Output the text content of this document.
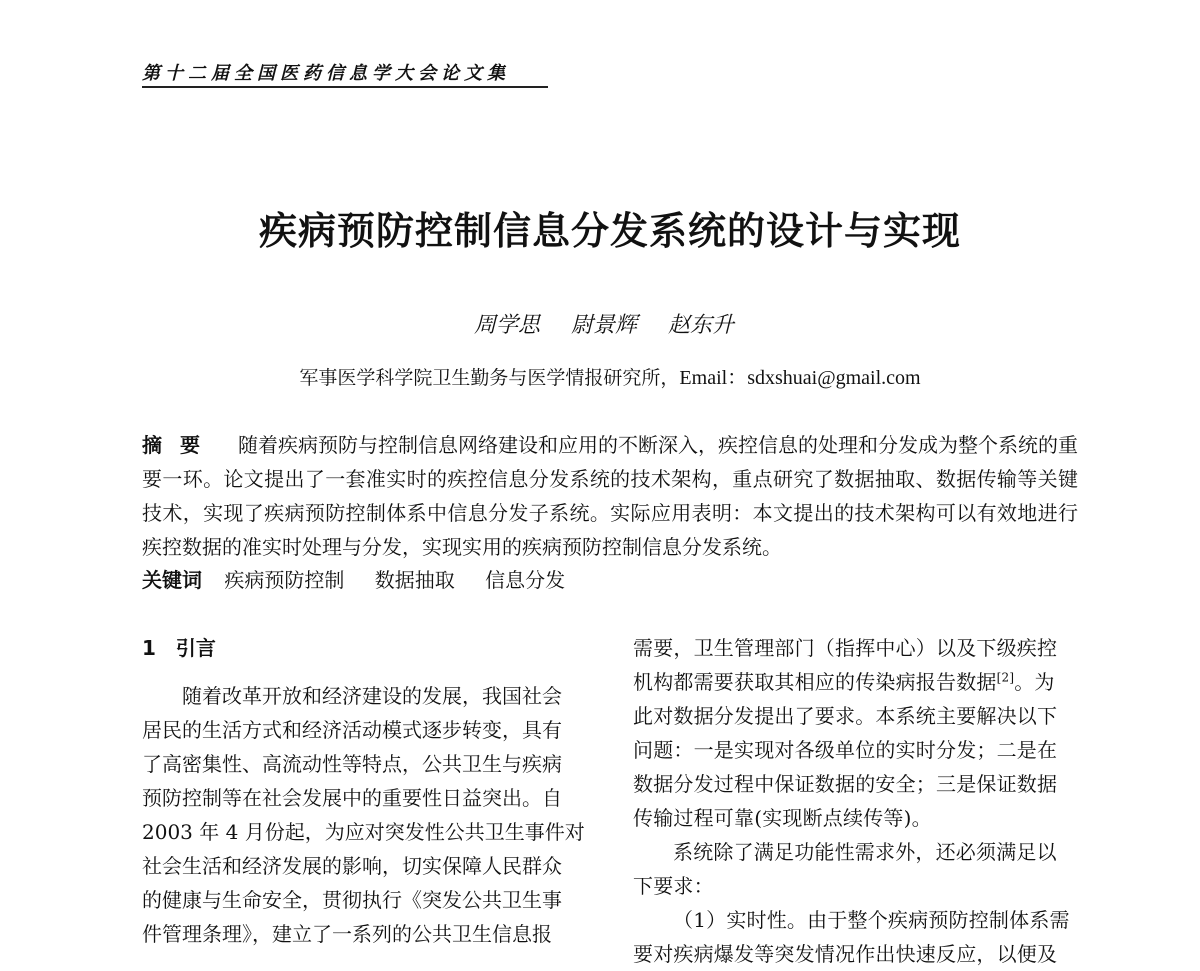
第十二届全国医药信息学大会论文集
疾病预防控制信息分发系统的设计与实现
周学思 尉景辉 赵东升
军事医学科学院卫生勤务与医学情报研究所，Email：sdxshuai@gmail.com
摘要 随着疾病预防与控制信息网络建设和应用的不断深入，疾控信息的处理和分发成为整个系统的重要一环。论文提出了一套准实时的疾控信息分发系统的技术架构，重点研究了数据抽取、数据传输等关键技术，实现了疾病预防控制体系中信息分发子系统。实际应用表明：本文提出的技术架构可以有效地进行疾控数据的准实时处理与分发，实现实用的疾病预防控制信息分发系统。
关键词 疾病预防控制 数据抽取 信息分发
1 引言
随着改革开放和经济建设的发展，我国社会
居民的生活方式和经济活动模式逐步转变，具有
了高密集性、高流动性等特点，公共卫生与疾病
预防控制等在社会发展中的重要性日益突出。自
2003 年 4 月份起，为应对突发性公共卫生事件对
社会生活和经济发展的影响，切实保障人民群众
的健康与生命安全，贯彻执行《突发公共卫生事
件管理条理》，建立了一系列的公共卫生信息报
需要，卫生管理部门（指挥中心）以及下级疾控
机构都需要获取其相应的传染病报告数据[2]。为
此对数据分发提出了要求。本系统主要解决以下
问题：一是实现对各级单位的实时分发；二是在
数据分发过程中保证数据的安全；三是保证数据
传输过程可靠(实现断点续传等)。
系统除了满足功能性需求外，还必须满足以
下要求：
（1）实时性。由于整个疾病预防控制体系需
要对疾病爆发等突发情况作出快速反应，以便及
